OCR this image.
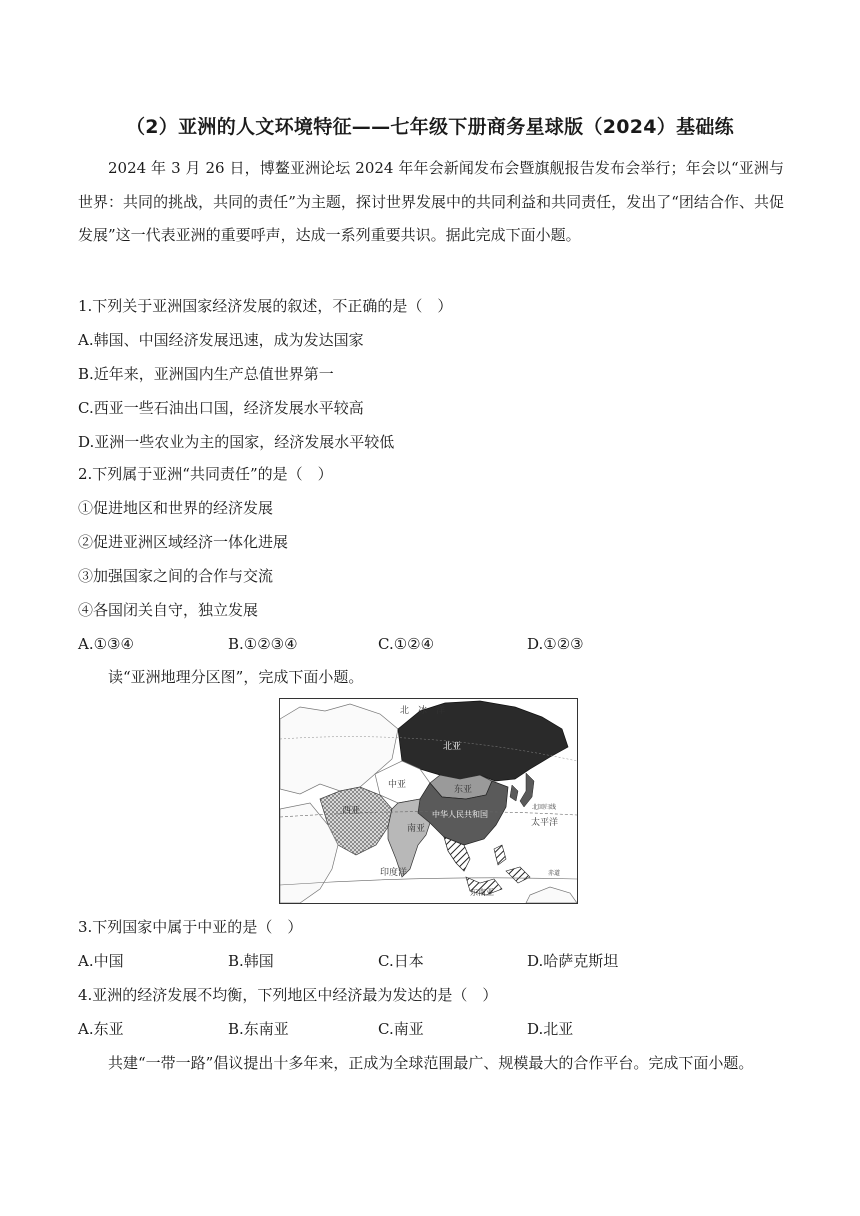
（2）亚洲的人文环境特征——七年级下册商务星球版（2024）基础练
2024 年 3 月 26 日，博鳌亚洲论坛 2024 年年会新闻发布会暨旗舰报告发布会举行；年会以“亚洲与世界：共同的挑战，共同的责任”为主题，探讨世界发展中的共同利益和共同责任，发出了“团结合作、共促发展”这一代表亚洲的重要呼声，达成一系列重要共识。据此完成下面小题。
1.下列关于亚洲国家经济发展的叙述，不正确的是（　）
A.韩国、中国经济发展迅速，成为发达国家
B.近年来，亚洲国内生产总值世界第一
C.西亚一些石油出口国，经济发展水平较高
D.亚洲一些农业为主的国家，经济发展水平较低
2.下列属于亚洲“共同责任”的是（　）
①促进地区和世界的经济发展
②促进亚洲区域经济一体化进展
③加强国家之间的合作与交流
④各国闭关自守，独立发展
A.①③④	B.①②③④	C.①②④	D.①②③
读“亚洲地理分区图”，完成下面小题。
北　冰　洋
北亚
中亚	东亚
中华人民共和国
西亚
南亚
太平洋
印度洋
东南亚
北回归线
赤道
3.下列国家中属于中亚的是（　）
A.中国	B.韩国	C.日本	D.哈萨克斯坦
4.亚洲的经济发展不均衡，下列地区中经济最为发达的是（　）
A.东亚	B.东南亚	C.南亚	D.北亚
共建“一带一路”倡议提出十多年来，正成为全球范围最广、规模最大的合作平台。完成下面小题。
